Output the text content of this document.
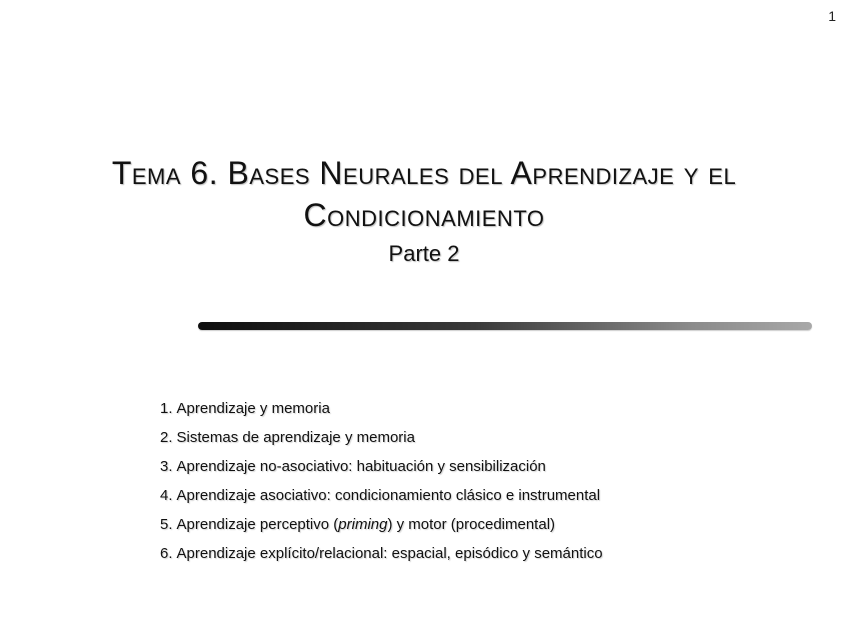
1
Tema 6. Bases Neurales del Aprendizaje y el
Condicionamiento
Parte 2
1. Aprendizaje y memoria
2. Sistemas de aprendizaje y memoria
3. Aprendizaje no-asociativo: habituación y sensibilización
4. Aprendizaje asociativo: condicionamiento clásico e instrumental
5. Aprendizaje perceptivo (priming) y motor (procedimental)
6. Aprendizaje explícito/relacional: espacial, episódico y semántico
